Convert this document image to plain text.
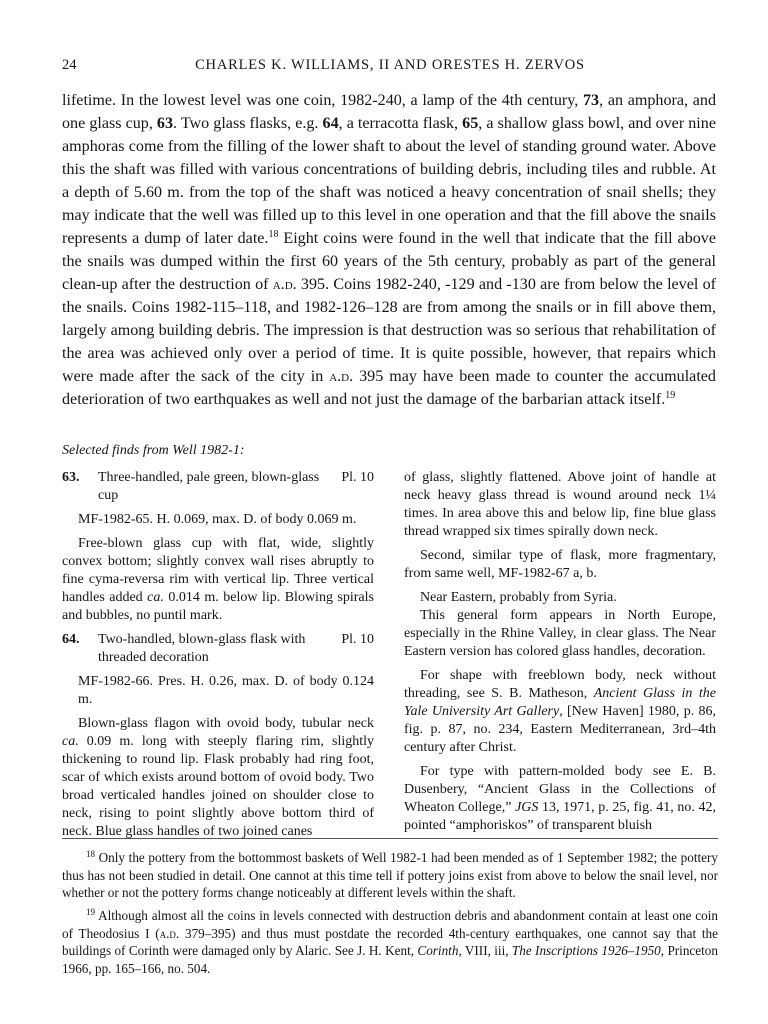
24	CHARLES K. WILLIAMS, II AND ORESTES H. ZERVOS

lifetime. In the lowest level was one coin, 1982-240, a lamp of the 4th century, 73, an amphora, and one glass cup, 63. Two glass flasks, e.g. 64, a terracotta flask, 65, a shallow glass bowl, and over nine amphoras come from the filling of the lower shaft to about the level of standing ground water. Above this the shaft was filled with various concentrations of building debris, including tiles and rubble. At a depth of 5.60 m. from the top of the shaft was noticed a heavy concentration of snail shells; they may indicate that the well was filled up to this level in one operation and that the fill above the snails represents a dump of later date.$^{18}$ Eight coins were found in the well that indicate that the fill above the snails was dumped within the first 60 years of the 5th century, probably as part of the general clean-up after the destruction of a.d. 395. Coins 1982-240, -129 and -130 are from below the level of the snails. Coins 1982-115–118, and 1982-126–128 are from among the snails or in fill above them, largely among building debris. The impression is that destruction was so serious that rehabilitation of the area was achieved only over a period of time. It is quite possible, however, that repairs which were made after the sack of the city in a.d. 395 may have been made to counter the accumulated deterioration of two earthquakes as well and not just the damage of the barbarian attack itself.$^{19}$

Selected finds from Well 1982-1:

63. Three-handled, pale green, blown-glass cup
Pl. 10

MF-1982-65. H. 0.069, max. D. of body 0.069 m.

Free-blown glass cup with flat, wide, slightly convex bottom; slightly convex wall rises abruptly to fine cyma-reversa rim with vertical lip. Three vertical handles added ca. 0.014 m. below lip. Blowing spirals and bubbles, no puntil mark.

64. Two-handled, blown-glass flask with threaded decoration
Pl. 10

MF-1982-66. Pres. H. 0.26, max. D. of body 0.124 m.

Blown-glass flagon with ovoid body, tubular neck ca. 0.09 m. long with steeply flaring rim, slightly thickening to round lip. Flask probably had ring foot, scar of which exists around bottom of ovoid body. Two broad verticaled handles joined on shoulder close to neck, rising to point slightly above bottom third of neck. Blue glass handles of two joined canes

of glass, slightly flattened. Above joint of handle at neck heavy glass thread is wound around neck 1¼ times. In area above this and below lip, fine blue glass thread wrapped six times spirally down neck.

Second, similar type of flask, more fragmentary, from same well, MF-1982-67 a, b.

Near Eastern, probably from Syria.

This general form appears in North Europe, especially in the Rhine Valley, in clear glass. The Near Eastern version has colored glass handles, decoration.

For shape with freeblown body, neck without threading, see S. B. Matheson, Ancient Glass in the Yale University Art Gallery, [New Haven] 1980, p. 86, fig. p. 87, no. 234, Eastern Mediterranean, 3rd–4th century after Christ.

For type with pattern-molded body see E. B. Dusenbery, “Ancient Glass in the Collections of Wheaton College,” JGS 13, 1971, p. 25, fig. 41, no. 42, pointed “amphoriskos” of transparent bluish

$^{18}$ Only the pottery from the bottommost baskets of Well 1982-1 had been mended as of 1 September 1982; the pottery thus has not been studied in detail. One cannot at this time tell if pottery joins exist from above to below the snail level, nor whether or not the pottery forms change noticeably at different levels within the shaft.

$^{19}$ Although almost all the coins in levels connected with destruction debris and abandonment contain at least one coin of Theodosius I (a.d. 379–395) and thus must postdate the recorded 4th-century earthquakes, one cannot say that the buildings of Corinth were damaged only by Alaric. See J. H. Kent, Corinth, VIII, iii, The Inscriptions 1926–1950, Princeton 1966, pp. 165–166, no. 504.
